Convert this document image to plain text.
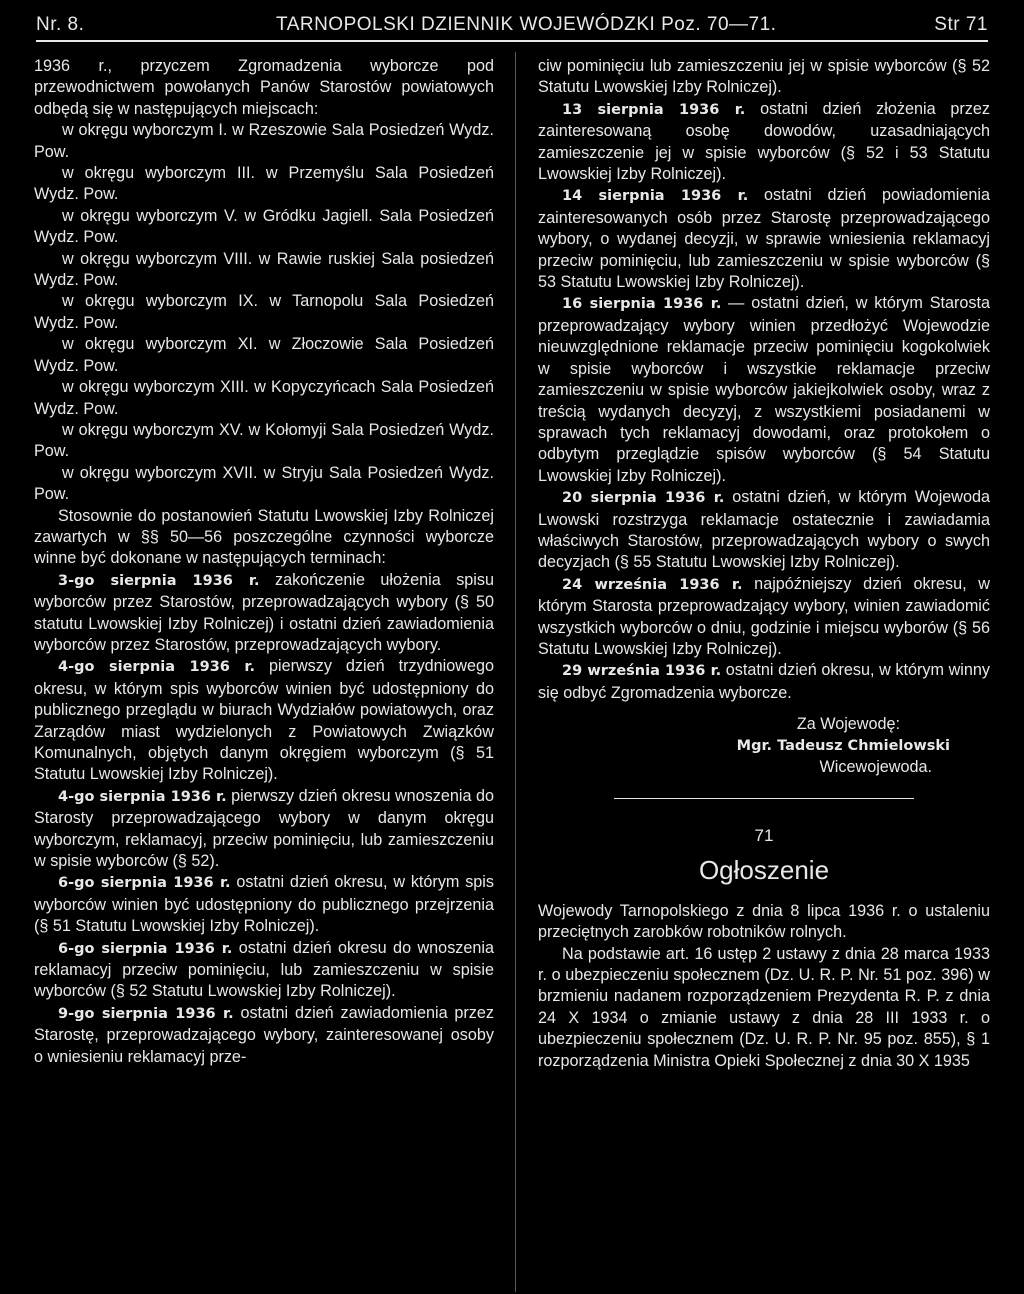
Nr. 8.	TARNOPOLSKI DZIENNIK WOJEWÓDZKI Poz. 70—71.	Str 71

1936 r., przyczem Zgromadzenia wyborcze pod przewodnictwem powołanych Panów Starostów powiatowych odbędą się w następujących miejscach:

w okręgu wyborczym I. w Rzeszowie Sala Posiedzeń Wydz. Pow.

w okręgu wyborczym III. w Przemyślu Sala Posiedzeń Wydz. Pow.

w okręgu wyborczym V. w Gródku Jagiell. Sala Posiedzeń Wydz. Pow.

w okręgu wyborczym VIII. w Rawie ruskiej Sala posiedzeń Wydz. Pow.

w okręgu wyborczym IX. w Tarnopolu Sala Posiedzeń Wydz. Pow.

w okręgu wyborczym XI. w Złoczowie Sala Posiedzeń Wydz. Pow.

w okręgu wyborczym XIII. w Kopyczyńcach Sala Posiedzeń Wydz. Pow.

w okręgu wyborczym XV. w Kołomyji Sala Posiedzeń Wydz. Pow.

w okręgu wyborczym XVII. w Stryju Sala Posiedzeń Wydz. Pow.

Stosownie do postanowień Statutu Lwowskiej Izby Rolniczej zawartych w §§ 50—56 poszczególne czynności wyborcze winne być dokonane w następujących terminach:

3-go sierpnia 1936 r. zakończenie ułożenia spisu wyborców przez Starostów, przeprowadzających wybory (§ 50 statutu Lwowskiej Izby Rolniczej) i ostatni dzień zawiadomienia wyborców przez Starostów, przeprowadzających wybory.

4-go sierpnia 1936 r. pierwszy dzień trzydniowego okresu, w którym spis wyborców winien być udostępniony do publicznego przeglądu w biurach Wydziałów powiatowych, oraz Zarządów miast wydzielonych z Powiatowych Związków Komunalnych, objętych danym okręgiem wyborczym (§ 51 Statutu Lwowskiej Izby Rolniczej).

4-go sierpnia 1936 r. pierwszy dzień okresu wnoszenia do Starosty przeprowadzającego wybory w danym okręgu wyborczym, reklamacyj, przeciw pominięciu, lub zamieszczeniu w spisie wyborców (§ 52).

6-go sierpnia 1936 r. ostatni dzień okresu, w którym spis wyborców winien być udostępniony do publicznego przejrzenia (§ 51 Statutu Lwowskiej Izby Rolniczej).

6-go sierpnia 1936 r. ostatni dzień okresu do wnoszenia reklamacyj przeciw pominięciu, lub zamieszczeniu w spisie wyborców (§ 52 Statutu Lwowskiej Izby Rolniczej).

9-go sierpnia 1936 r. ostatni dzień zawiadomienia przez Starostę, przeprowadzającego wybory, zainteresowanej osoby o wniesieniu reklamacyj prze-

ciw pominięciu lub zamieszczeniu jej w spisie wyborców (§ 52 Statutu Lwowskiej Izby Rolniczej).

13 sierpnia 1936 r. ostatni dzień złożenia przez zainteresowaną osobę dowodów, uzasadniających zamieszczenie jej w spisie wyborców (§ 52 i 53 Statutu Lwowskiej Izby Rolniczej).

14 sierpnia 1936 r. ostatni dzień powiadomienia zainteresowanych osób przez Starostę przeprowadzającego wybory, o wydanej decyzji, w sprawie wniesienia reklamacyj przeciw pominięciu, lub zamieszczeniu w spisie wyborców (§ 53 Statutu Lwowskiej Izby Rolniczej).

16 sierpnia 1936 r. — ostatni dzień, w którym Starosta przeprowadzający wybory winien przedłożyć Wojewodzie nieuwzględnione reklamacje przeciw pominięciu kogokolwiek w spisie wyborców i wszystkie reklamacje przeciw zamieszczeniu w spisie wyborców jakiejkolwiek osoby, wraz z treścią wydanych decyzyj, z wszystkiemi posiadanemi w sprawach tych reklamacyj dowodami, oraz protokołem o odbytym przeglądzie spisów wyborców (§ 54 Statutu Lwowskiej Izby Rolniczej).

20 sierpnia 1936 r. ostatni dzień, w którym Wojewoda Lwowski rozstrzyga reklamacje ostatecznie i zawiadamia właściwych Starostów, przeprowadzających wybory o swych decyzjach (§ 55 Statutu Lwowskiej Izby Rolniczej).

24 września 1936 r. najpóźniejszy dzień okresu, w którym Starosta przeprowadzający wybory, winien zawiadomić wszystkich wyborców o dniu, godzinie i miejscu wyborów (§ 56 Statutu Lwowskiej Izby Rolniczej).

29 września 1936 r. ostatni dzień okresu, w którym winny się odbyć Zgromadzenia wyborcze.

Za Wojewodę:

Mgr. Tadeusz Chmielowski

Wicewojewoda.

71

Ogłoszenie

Wojewody Tarnopolskiego z dnia 8 lipca 1936 r. o ustaleniu przeciętnych zarobków robotników rolnych.

Na podstawie art. 16 ustęp 2 ustawy z dnia 28 marca 1933 r. o ubezpieczeniu społecznem (Dz. U. R. P. Nr. 51 poz. 396) w brzmieniu nadanem rozporządzeniem Prezydenta R. P. z dnia 24 X 1934 o zmianie ustawy z dnia 28 III 1933 r. o ubezpieczeniu społecznem (Dz. U. R. P. Nr. 95 poz. 855), § 1 rozporządzenia Ministra Opieki Społecznej z dnia 30 X 1935
